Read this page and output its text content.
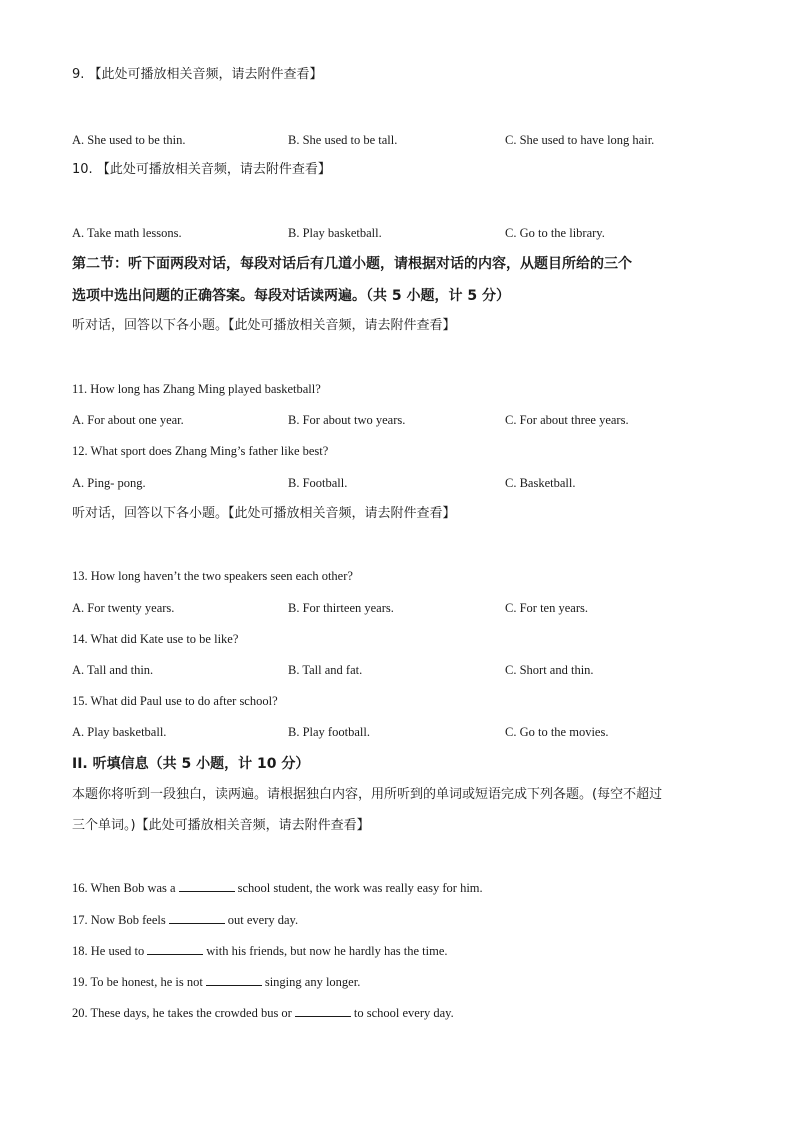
9. 【此处可播放相关音频，请去附件查看】
A. She used to be thin.	B. She used to be tall.	C. She used to have long hair.
10. 【此处可播放相关音频，请去附件查看】
A. Take math lessons.	B. Play basketball.	C. Go to the library.
第二节：听下面两段对话，每段对话后有几道小题，请根据对话的内容，从题目所给的三个
选项中选出问题的正确答案。每段对话读两遍。（共 5 小题，计 5 分）
听对话，回答以下各小题。【此处可播放相关音频，请去附件查看】
11. How long has Zhang Ming played basketball?
A. For about one year.	B. For about two years.	C. For about three years.
12. What sport does Zhang Ming’s father like best?
A. Ping- pong.	B. Football.	C. Basketball.
听对话，回答以下各小题。【此处可播放相关音频，请去附件查看】
13. How long haven’t the two speakers seen each other?
A. For twenty years.	B. For thirteen years.	C. For ten years.
14. What did Kate use to be like?
A. Tall and thin.	B. Tall and fat.	C. Short and thin.
15. What did Paul use to do after school?
A. Play basketball.	B. Play football.	C. Go to the movies.
II. 听填信息（共 5 小题，计 10 分）
本题你将听到一段独白，读两遍。请根据独白内容，用所听到的单词或短语完成下列各题。(每空不超过
三个单词。)【此处可播放相关音频，请去附件查看】
16. When Bob was a	school student, the work was really easy for him.
17. Now Bob feels	out every day.
18. He used to	with his friends, but now he hardly has the time.
19. To be honest, he is not	singing any longer.
20. These days, he takes the crowded bus or	to school every day.
